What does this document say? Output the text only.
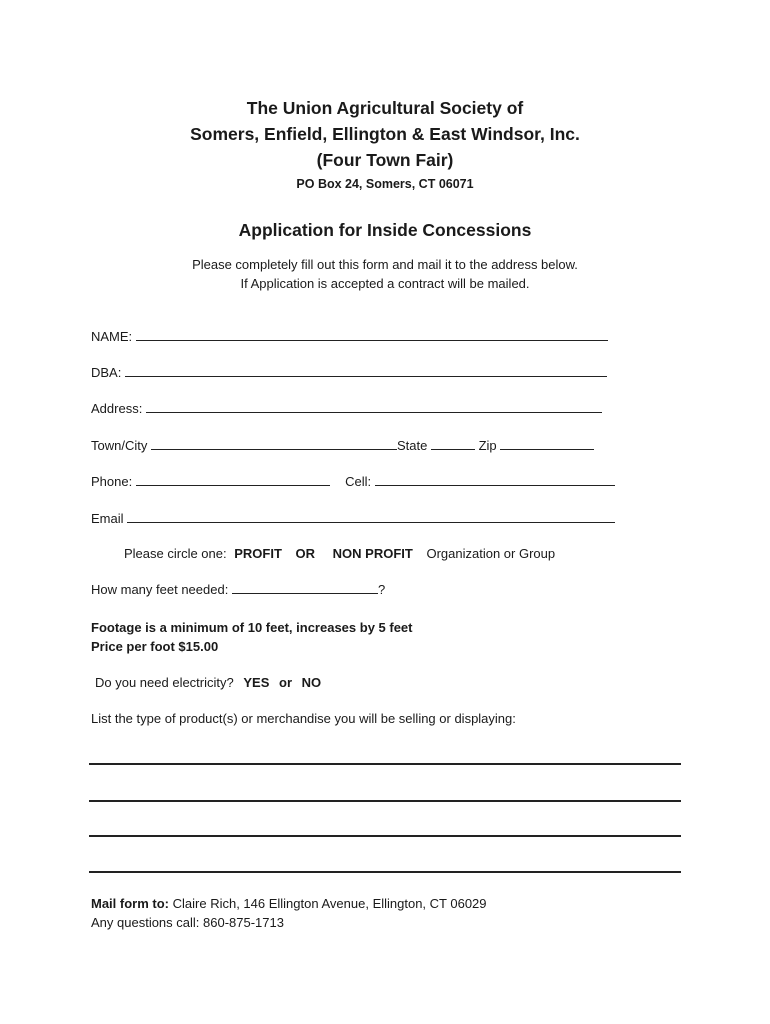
The Union Agricultural Society of
Somers, Enfield, Ellington & East Windsor, Inc.
(Four Town Fair)
PO Box 24, Somers, CT 06071
Application for Inside Concessions
Please completely fill out this form and mail it to the address below.
If Application is accepted a contract will be mailed.
NAME:
DBA:
Address:
Town/City	State	Zip
Phone:	Cell:
Email
Please circle one: PROFIT OR NON PROFIT Organization or Group
How many feet needed:	?
Footage is a minimum of 10 feet, increases by 5 feet
Price per foot $15.00
Do you need electricity? YES or NO
List the type of product(s) or merchandise you will be selling or displaying:
Mail form to: Claire Rich, 146 Ellington Avenue, Ellington, CT 06029
Any questions call: 860-875-1713
